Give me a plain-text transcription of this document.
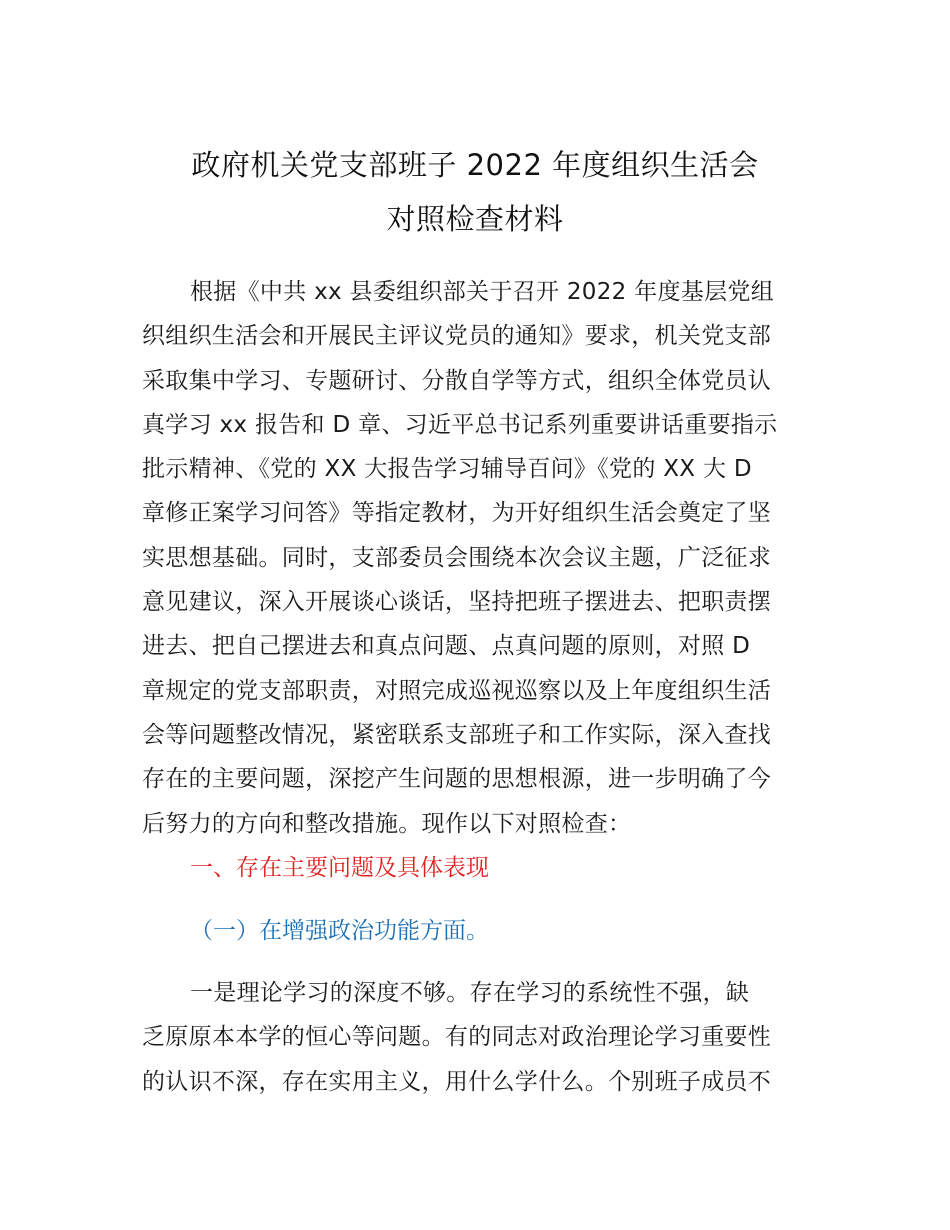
政府机关党支部班子 2022 年度组织生活会
对照检查材料
根据《中共 xx 县委组织部关于召开 2022 年度基层党组
织组织生活会和开展民主评议党员的通知》要求，机关党支部
采取集中学习、专题研讨、分散自学等方式，组织全体党员认
真学习 xx 报告和 D 章、习近平总书记系列重要讲话重要指示
批示精神、《党的 XX 大报告学习辅导百问》《党的 XX 大 D
章修正案学习问答》等指定教材，为开好组织生活会奠定了坚
实思想基础。同时，支部委员会围绕本次会议主题，广泛征求
意见建议，深入开展谈心谈话，坚持把班子摆进去、把职责摆
进去、把自己摆进去和真点问题、点真问题的原则，对照 D
章规定的党支部职责，对照完成巡视巡察以及上年度组织生活
会等问题整改情况，紧密联系支部班子和工作实际，深入查找
存在的主要问题，深挖产生问题的思想根源，进一步明确了今
后努力的方向和整改措施。现作以下对照检查：
一、存在主要问题及具体表现
（一）在增强政治功能方面。
一是理论学习的深度不够。存在学习的系统性不强，缺
乏原原本本学的恒心等问题。有的同志对政治理论学习重要性
的认识不深，存在实用主义，用什么学什么。个别班子成员不
